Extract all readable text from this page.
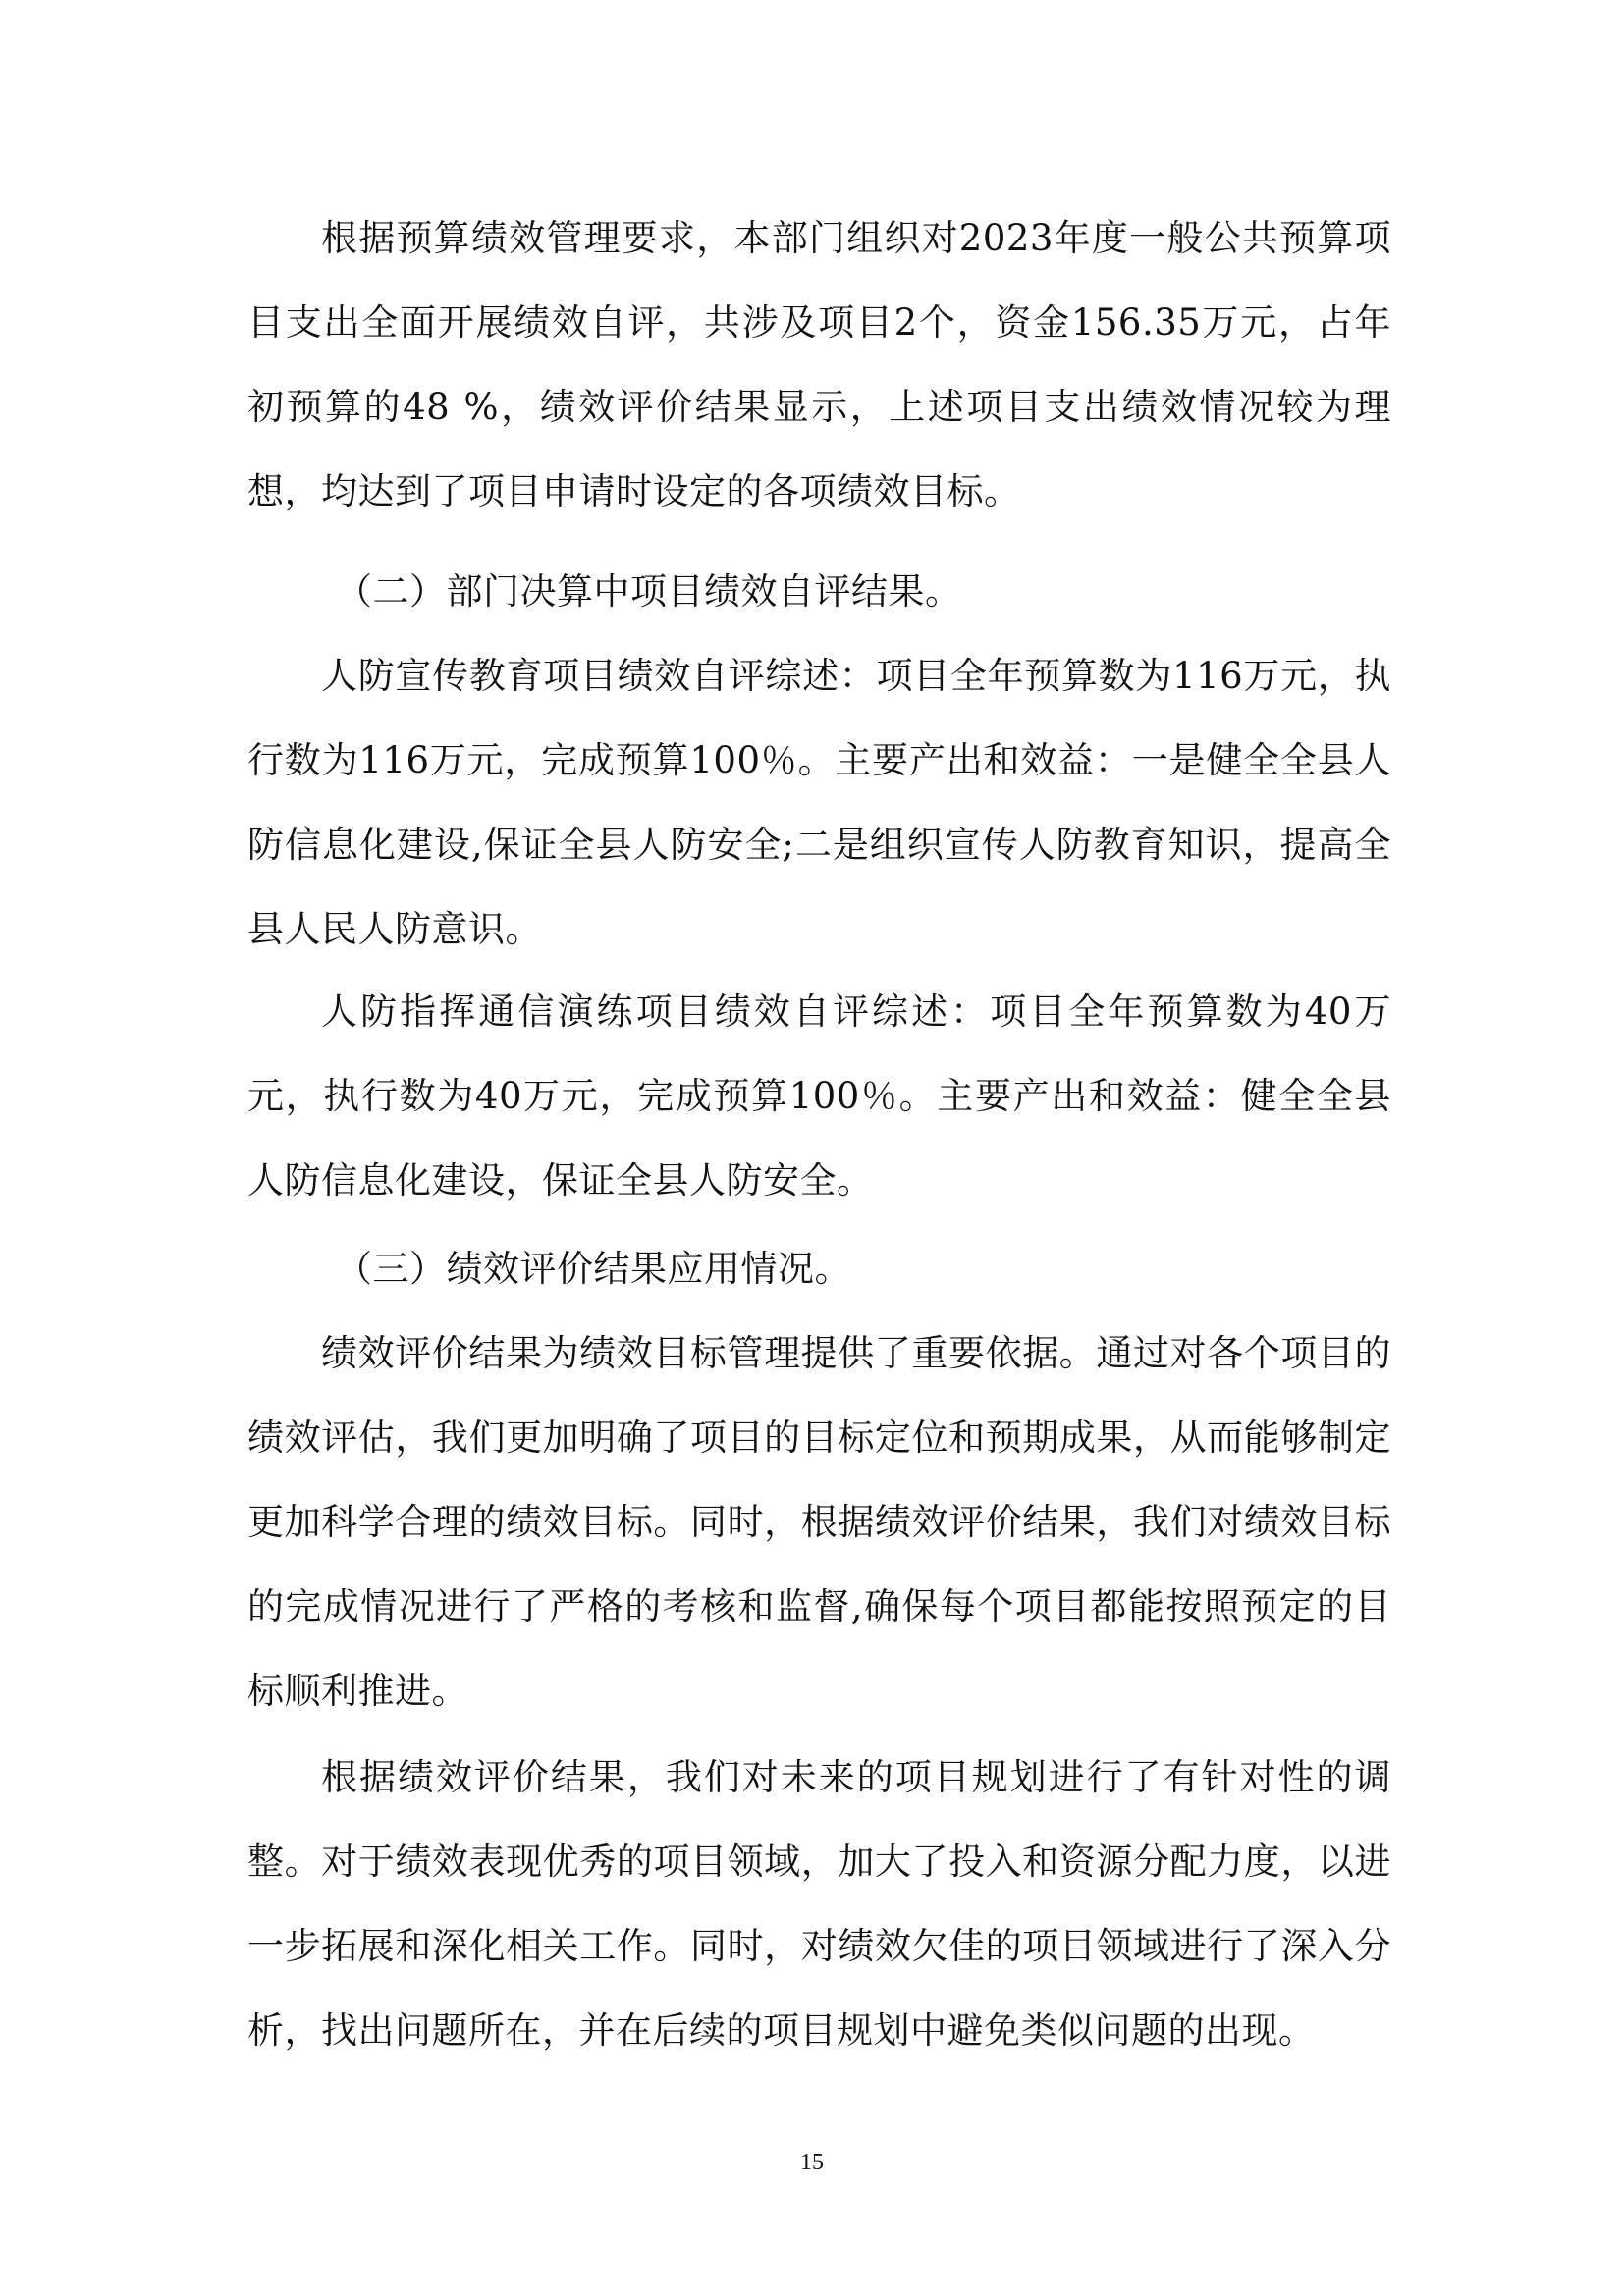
根据预算绩效管理要求，本部门组织对2023年度一般公共预算项目支出全面开展绩效自评，共涉及项目2个，资金156.35万元，占年初预算的48 %，绩效评价结果显示，上述项目支出绩效情况较为理想，均达到了项目申请时设定的各项绩效目标。

（二）部门决算中项目绩效自评结果。

人防宣传教育项目绩效自评综述：项目全年预算数为116万元，执行数为116万元，完成预算100％。主要产出和效益：一是健全全县人防信息化建设,保证全县人防安全;二是组织宣传人防教育知识，提高全县人民人防意识。

人防指挥通信演练项目绩效自评综述：项目全年预算数为40万元，执行数为40万元，完成预算100％。主要产出和效益：健全全县人防信息化建设，保证全县人防安全。

（三）绩效评价结果应用情况。

绩效评价结果为绩效目标管理提供了重要依据。通过对各个项目的绩效评估，我们更加明确了项目的目标定位和预期成果，从而能够制定更加科学合理的绩效目标。同时，根据绩效评价结果，我们对绩效目标的完成情况进行了严格的考核和监督,确保每个项目都能按照预定的目标顺利推进。

根据绩效评价结果，我们对未来的项目规划进行了有针对性的调整。对于绩效表现优秀的项目领域，加大了投入和资源分配力度，以进一步拓展和深化相关工作。同时，对绩效欠佳的项目领域进行了深入分析，找出问题所在，并在后续的项目规划中避免类似问题的出现。

15
